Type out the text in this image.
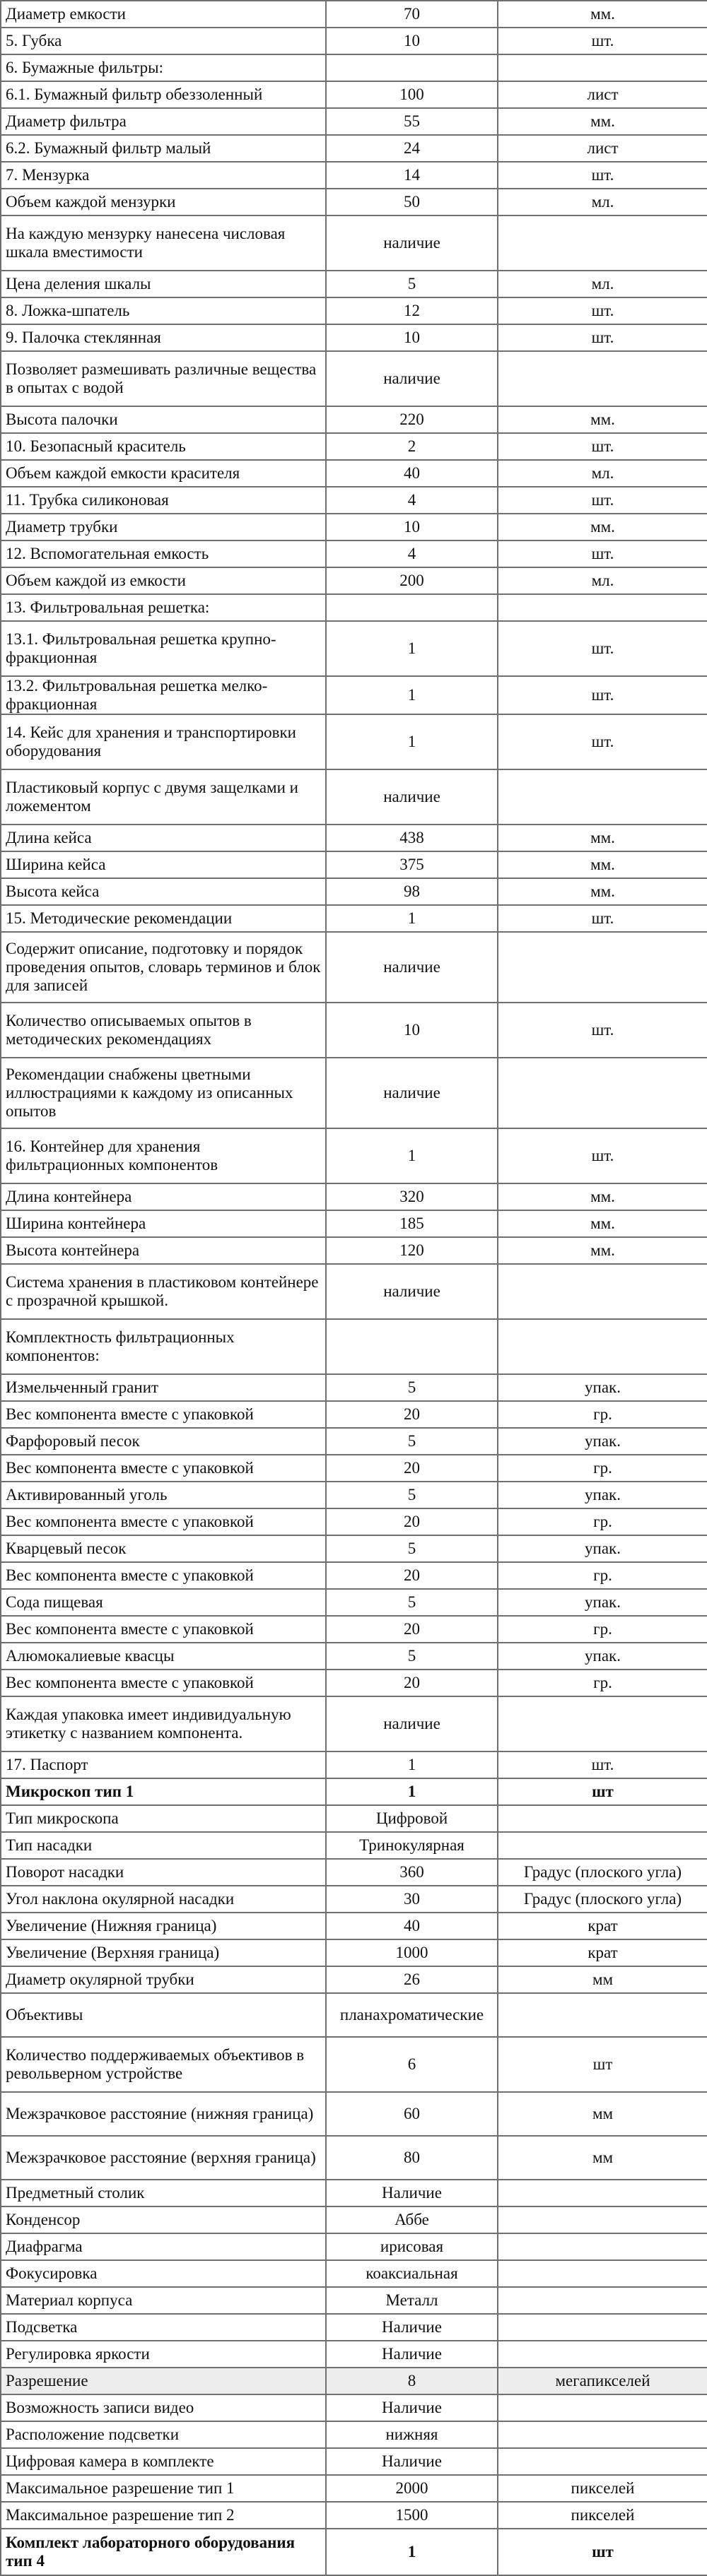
Диаметр емкости	70	мм.
5. Губка	10	шт.
6. Бумажные фильтры:		
6.1. Бумажный фильтр обеззоленный	100	лист
Диаметр фильтра	55	мм.
6.2. Бумажный фильтр малый	24	лист
7. Мензурка	14	шт.
Объем каждой мензурки	50	мл.
На каждую мензурку нанесена числовая шкала вместимости	наличие	
Цена деления шкалы	5	мл.
8. Ложка-шпатель	12	шт.
9. Палочка стеклянная	10	шт.
Позволяет размешивать различные вещества в опытах с водой	наличие	
Высота палочки	220	мм.
10. Безопасный краситель	2	шт.
Объем каждой емкости красителя	40	мл.
11. Трубка силиконовая	4	шт.
Диаметр трубки	10	мм.
12. Вспомогательная емкость	4	шт.
Объем каждой из емкости	200	мл.
13. Фильтровальная решетка:		
13.1. Фильтровальная решетка крупно-фракционная	1	шт.
13.2. Фильтровальная решетка мелко-фракционная	1	шт.
14. Кейс для хранения и транспортировки оборудования	1	шт.
Пластиковый корпус с двумя защелками и ложементом	наличие	
Длина кейса	438	мм.
Ширина кейса	375	мм.
Высота кейса	98	мм.
15. Методические рекомендации	1	шт.
Содержит описание, подготовку и порядок проведения опытов, словарь терминов и блок для записей	наличие	
Количество описываемых опытов в методических рекомендациях	10	шт.
Рекомендации снабжены цветными иллюстрациями к каждому из описанных опытов	наличие	
16. Контейнер для хранения фильтрационных компонентов	1	шт.
Длина контейнера	320	мм.
Ширина контейнера	185	мм.
Высота контейнера	120	мм.
Система хранения в пластиковом контейнере с прозрачной крышкой.	наличие	
Комплектность фильтрационных компонентов:		
Измельченный гранит	5	упак.
Вес компонента вместе с упаковкой	20	гр.
Фарфоровый песок	5	упак.
Вес компонента вместе с упаковкой	20	гр.
Активированный уголь	5	упак.
Вес компонента вместе с упаковкой	20	гр.
Кварцевый песок	5	упак.
Вес компонента вместе с упаковкой	20	гр.
Сода пищевая	5	упак.
Вес компонента вместе с упаковкой	20	гр.
Алюмокалиевые квасцы	5	упак.
Вес компонента вместе с упаковкой	20	гр.
Каждая упаковка имеет индивидуальную этикетку с названием компонента.	наличие	
17. Паспорт	1	шт.
Микроскоп тип 1	1	шт
Тип микроскопа	Цифровой	
Тип насадки	Тринокулярная	
Поворот насадки	360	Градус (плоского угла)
Угол наклона окулярной насадки	30	Градус (плоского угла)
Увеличение (Нижняя граница)	40	крат
Увеличение (Верхняя граница)	1000	крат
Диаметр окулярной трубки	26	мм
Объективы	планахроматические	
Количество поддерживаемых объективов в револьверном устройстве	6	шт
Межзрачковое расстояние (нижняя граница)	60	мм
Межзрачковое расстояние (верхняя граница)	80	мм
Предметный столик	Наличие	
Конденсор	Аббе	
Диафрагма	ирисовая	
Фокусировка	коаксиальная	
Материал корпуса	Металл	
Подсветка	Наличие	
Регулировка яркости	Наличие	
Разрешение	8	мегапикселей
Возможность записи видео	Наличие	
Расположение подсветки	нижняя	
Цифровая камера в комплекте	Наличие	
Максимальное разрешение тип 1	2000	пикселей
Максимальное разрешение тип 2	1500	пикселей
Комплект лабораторного оборудования тип 4	1	шт
